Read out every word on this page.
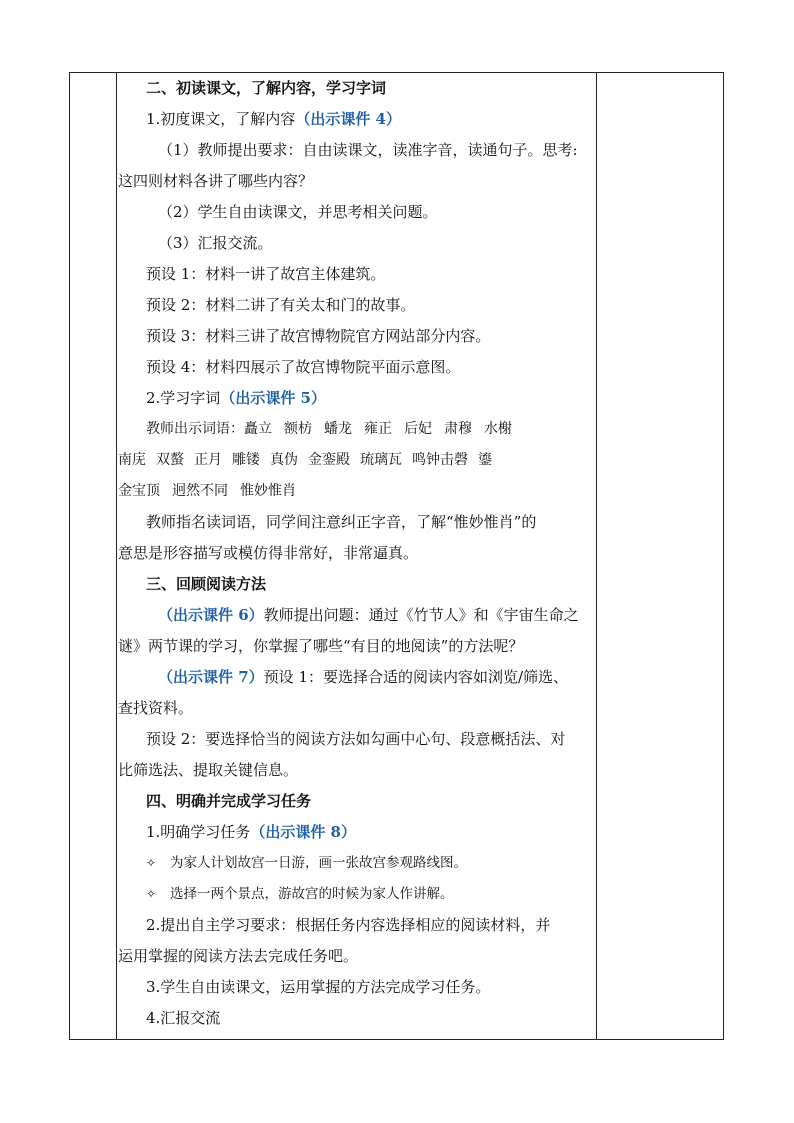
二、初读课文，了解内容，学习字词
1.初度课文，了解内容（出示课件 4）
（1）教师提出要求：自由读课文，读准字音，读通句子。思考:
这四则材料各讲了哪些内容？
（2）学生自由读课文，并思考相关问题。
（3）汇报交流。
预设 1：材料一讲了故宫主体建筑。
预设 2：材料二讲了有关太和门的故事。
预设 3：材料三讲了故宫博物院官方网站部分内容。
预设 4：材料四展示了故宫博物院平面示意图。
2.学习字词（出示课件 5）
教师出示词语：矗立 额枋 蟠龙 雍正 后妃 肃穆 水榭
南庑 双螯 正月 雕镂 真伪 金銮殿 琉璃瓦 鸣钟击磬 鎏
金宝顶 迥然不同 惟妙惟肖
教师指名读词语，同学间注意纠正字音，了解“惟妙惟肖”的
意思是形容描写或模仿得非常好，非常逼真。
三、回顾阅读方法
（出示课件 6）教师提出问题：通过《竹节人》和《宇宙生命之
谜》两节课的学习，你掌握了哪些“有目的地阅读”的方法呢？
（出示课件 7）预设 1：要选择合适的阅读内容如浏览/筛选、
查找资料。
预设 2：要选择恰当的阅读方法如勾画中心句、段意概括法、对
比筛选法、提取关键信息。
四、明确并完成学习任务
1.明确学习任务（出示课件 8）
✧ 为家人计划故宫一日游，画一张故宫参观路线图。
✧ 选择一两个景点，游故宫的时候为家人作讲解。
2.提出自主学习要求：根据任务内容选择相应的阅读材料，并
运用掌握的阅读方法去完成任务吧。
3.学生自由读课文，运用掌握的方法完成学习任务。
4.汇报交流
